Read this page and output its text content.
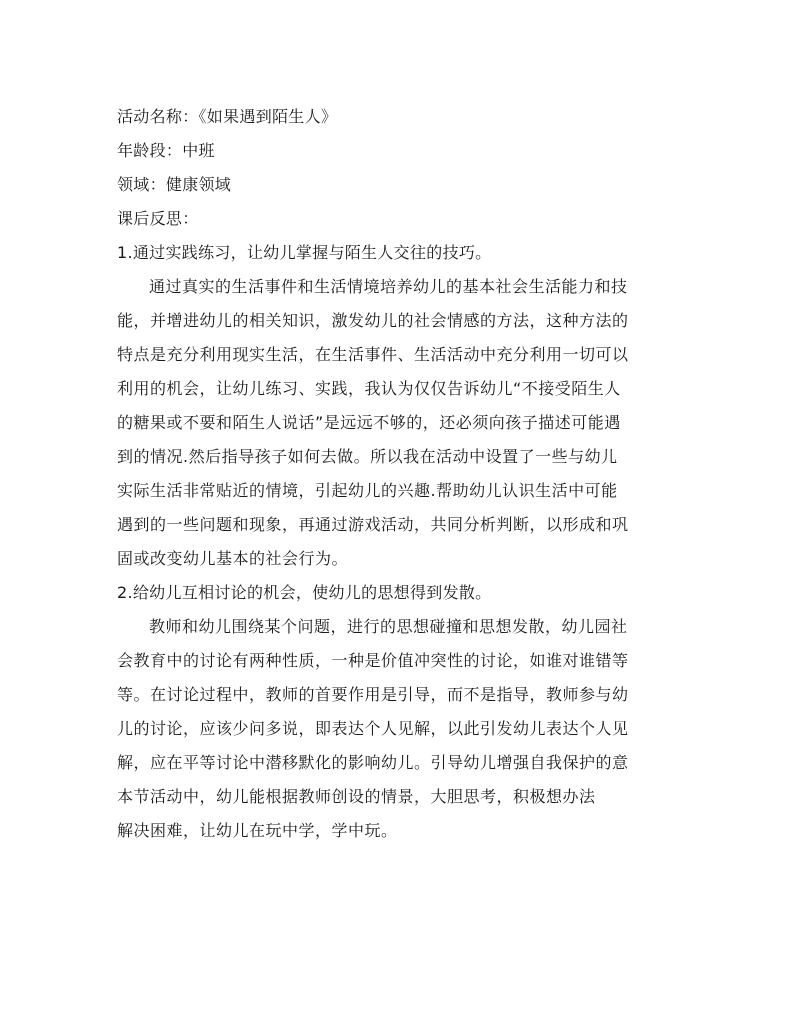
活动名称：《如果遇到陌生人》
年龄段：中班
领域：健康领域
课后反思：
1.通过实践练习，让幼儿掌握与陌生人交往的技巧。
通过真实的生活事件和生活情境培养幼儿的基本社会生活能力和技
能，并增进幼儿的相关知识，激发幼儿的社会情感的方法，这种方法的
特点是充分利用现实生活，在生活事件、生活活动中充分利用一切可以
利用的机会，让幼儿练习、实践，我认为仅仅告诉幼儿“不接受陌生人
的糖果或不要和陌生人说话”是远远不够的，还必须向孩子描述可能遇
到的情况.然后指导孩子如何去做。所以我在活动中设置了一些与幼儿
实际生活非常贴近的情境，引起幼儿的兴趣.帮助幼儿认识生活中可能
遇到的一些问题和现象，再通过游戏活动，共同分析判断，以形成和巩
固或改变幼儿基本的社会行为。
2.给幼儿互相讨论的机会，使幼儿的思想得到发散。
教师和幼儿围绕某个问题，进行的思想碰撞和思想发散，幼儿园社
会教育中的讨论有两种性质，一种是价值冲突性的讨论，如谁对谁错等
等。在讨论过程中，教师的首要作用是引导，而不是指导，教师参与幼
儿的讨论，应该少问多说，即表达个人见解，以此引发幼儿表达个人见
解，应在平等讨论中潜移默化的影响幼儿。引导幼儿增强自我保护的意
本节活动中，幼儿能根据教师创设的情景，大胆思考，积极想办法
解决困难，让幼儿在玩中学，学中玩。
